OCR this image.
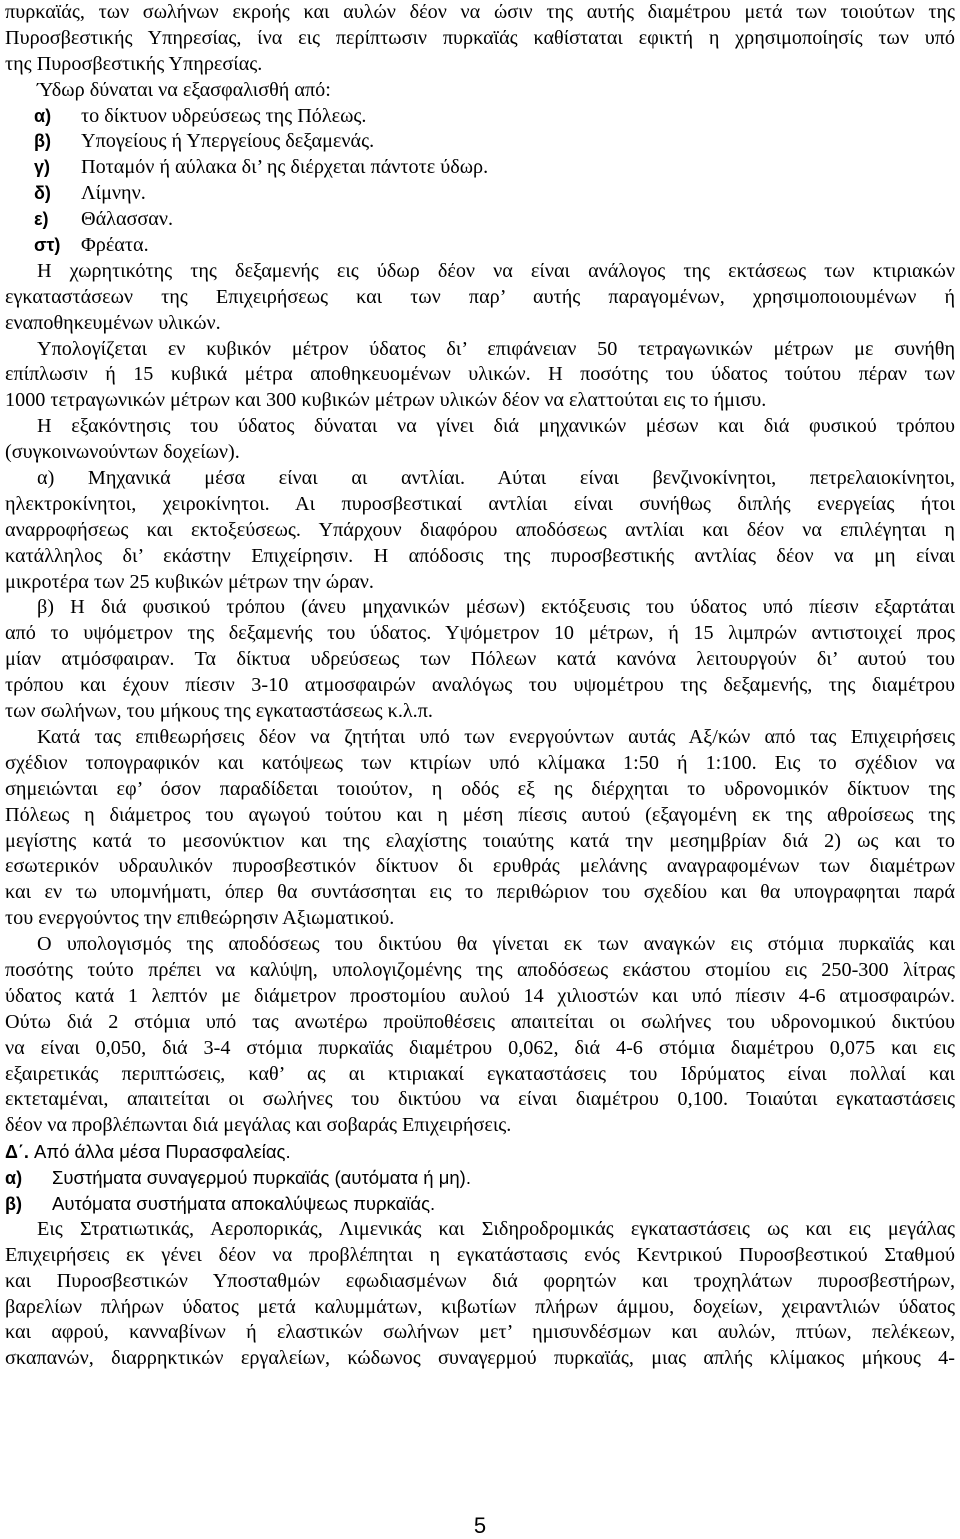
πυρκαϊάς, των σωλήνων εκροής και αυλών δέον να ώσιν της αυτής διαμέτρου μετά των τοιούτων της
Πυροσβεστικής Υπηρεσίας, ίνα εις περίπτωσιν πυρκαϊάς καθίσταται εφικτή η χρησιμοποίησίς των υπό
της Πυροσβεστικής Υπηρεσίας.
Ύδωρ δύναται να εξασφαλισθή από:
α) το δίκτυον υδρεύσεως της Πόλεως.
β) Υπογείους ή Υπεργείους δεξαμενάς.
γ) Ποταμόν ή αύλακα δι’ ης διέρχεται πάντοτε ύδωρ.
δ) Λίμνην.
ε) Θάλασσαν.
στ) Φρέατα.
Η χωρητικότης της δεξαμενής εις ύδωρ δέον να είναι ανάλογος της εκτάσεως των κτιριακών
εγκαταστάσεων της Επιχειρήσεως και των παρ’ αυτής παραγομένων, χρησιμοποιουμένων ή
εναποθηκευμένων υλικών.
Υπολογίζεται εν κυβικόν μέτρον ύδατος δι’ επιφάνειαν 50 τετραγωνικών μέτρων με συνήθη
επίπλωσιν ή 15 κυβικά μέτρα αποθηκευομένων υλικών. Η ποσότης του ύδατος τούτου πέραν των
1000 τετραγωνικών μέτρων και 300 κυβικών μέτρων υλικών δέον να ελαττούται εις το ήμισυ.
Η εξακόντησις του ύδατος δύναται να γίνει διά μηχανικών μέσων και διά φυσικού τρόπου
(συγκοινωνούντων δοχείων).
α) Μηχανικά μέσα είναι αι αντλίαι. Αύται είναι βενζινοκίνητοι, πετρελαιοκίνητοι,
ηλεκτροκίνητοι, χειροκίνητοι. Αι πυροσβεστικαί αντλίαι είναι συνήθως διπλής ενεργείας ήτοι
αναρροφήσεως και εκτοξεύσεως. Υπάρχουν διαφόρου αποδόσεως αντλίαι και δέον να επιλέγηται η
κατάλληλος δι’ εκάστην Επιχείρησιν. Η απόδοσις της πυροσβεστικής αντλίας δέον να μη είναι
μικροτέρα των 25 κυβικών μέτρων την ώραν.
β) Η διά φυσικού τρόπου (άνευ μηχανικών μέσων) εκτόξευσις του ύδατος υπό πίεσιν εξαρτάται
από το υψόμετρον της δεξαμενής του ύδατος. Υψόμετρον 10 μέτρων, ή 15 λιμπρών αντιστοιχεί προς
μίαν ατμόσφαιραν. Τα δίκτυα υδρεύσεως των Πόλεων κατά κανόνα λειτουργούν δι’ αυτού του
τρόπου και έχουν πίεσιν 3-10 ατμοσφαιρών αναλόγως του υψομέτρου της δεξαμενής, της διαμέτρου
των σωλήνων, του μήκους της εγκαταστάσεως κ.λ.π.
Κατά τας επιθεωρήσεις δέον να ζητήται υπό των ενεργούντων αυτάς Αξ/κών από τας Επιχειρήσεις
σχέδιον τοπογραφικόν και κατόψεως των κτιρίων υπό κλίμακα 1:50 ή 1:100. Εις το σχέδιον να
σημειώνται εφ’ όσον παραδίδεται τοιούτον, η οδός εξ ης διέρχηται το υδρονομικόν δίκτυον της
Πόλεως η διάμετρος του αγωγού τούτου και η μέση πίεσις αυτού (εξαγομένη εκ της αθροίσεως της
μεγίστης κατά το μεσονύκτιον και της ελαχίστης τοιαύτης κατά την μεσημβρίαν διά 2) ως και το
εσωτερικόν υδραυλικόν πυροσβεστικόν δίκτυον δι ερυθράς μελάνης αναγραφομένων των διαμέτρων
και εν τω υπομνήματι, όπερ θα συντάσσηται εις το περιθώριον του σχεδίου και θα υπογραφηται παρά
του ενεργούντος την επιθεώρησιν Αξιωματικού.
Ο υπολογισμός της αποδόσεως του δικτύου θα γίνεται εκ των αναγκών εις στόμια πυρκαϊάς και
ποσότης τούτο πρέπει να καλύψη, υπολογιζομένης της αποδόσεως εκάστου στομίου εις 250-300 λίτρας
ύδατος κατά 1 λεπτόν με διάμετρον προστομίου αυλού 14 χιλιοστών και υπό πίεσιν 4-6 ατμοσφαιρών.
Ούτω διά 2 στόμια υπό τας ανωτέρω προϋποθέσεις απαιτείται οι σωλήνες του υδρονομικού δικτύου
να είναι 0,050, διά 3-4 στόμια πυρκαϊάς διαμέτρου 0,062, διά 4-6 στόμια διαμέτρου 0,075 και εις
εξαιρετικάς περιπτώσεις, καθ’ ας αι κτιριακαί εγκαταστάσεις του Ιδρύματος είναι πολλαί και
εκτεταμέναι, απαιτείται οι σωλήνες του δικτύου να είναι διαμέτρου 0,100. Τοιαύται εγκαταστάσεις
δέον να προβλέπωνται διά μεγάλας και σοβαράς Επιχειρήσεις.
Δ΄. Από άλλα μέσα Πυρασφαλείας.
α) Συστήματα συναγερμού πυρκαϊάς (αυτόματα ή μη).
β) Αυτόματα συστήματα αποκαλύψεως πυρκαϊάς.
Εις Στρατιωτικάς, Αεροπορικάς, Λιμενικάς και Σιδηροδρομικάς εγκαταστάσεις ως και εις μεγάλας
Επιχειρήσεις εκ γένει δέον να προβλέπηται η εγκατάστασις ενός Κεντρικού Πυροσβεστικού Σταθμού
και Πυροσβεστικών Υποσταθμών εφωδιασμένων διά φορητών και τροχηλάτων πυροσβεστήρων,
βαρελίων πλήρων ύδατος μετά καλυμμάτων, κιβωτίων πλήρων άμμου, δοχείων, χειραντλιών ύδατος
και αφρού, κανναβίνων ή ελαστικών σωλήνων μετ’ ημισυνδέσμων και αυλών, πτύων, πελέκεων,
σκαπανών, διαρρηκτικών εργαλείων, κώδωνος συναγερμού πυρκαϊάς, μιας απλής κλίμακος μήκους 4-
5
